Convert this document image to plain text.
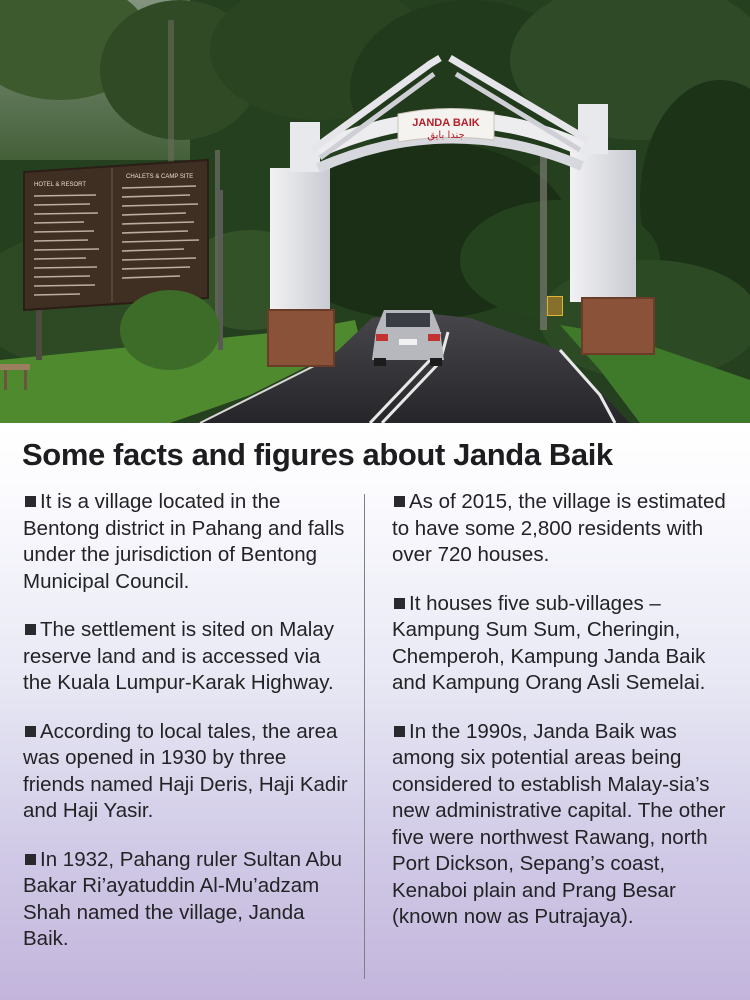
HOTEL & RESORT
CHALETS & CAMP SITE
JANDA BAIK
جندا بايق
Some facts and figures about Janda Baik

It is a village located in the Bentong district in Pahang and falls under the jurisdiction of Bentong Municipal Council.

The settlement is sited on Malay reserve land and is accessed via the Kuala Lumpur-Karak Highway.

According to local tales, the area was opened in 1930 by three friends named Haji Deris, Haji Kadir and Haji Yasir.

In 1932, Pahang ruler Sultan Abu Bakar Ri’ayatuddin Al-Mu’adzam Shah named the village, Janda Baik.

As of 2015, the village is estimated to have some 2,800 residents with over 720 houses.

It houses five sub-villages – Kampung Sum Sum, Cheringin, Chemperoh, Kampung Janda Baik and Kampung Orang Asli Semelai.

In the 1990s, Janda Baik was among six potential areas being considered to establish Malay-sia’s new administrative capital. The other five were northwest Rawang, north Port Dickson, Sepang’s coast, Kenaboi plain and Prang Besar (known now as Putrajaya).
